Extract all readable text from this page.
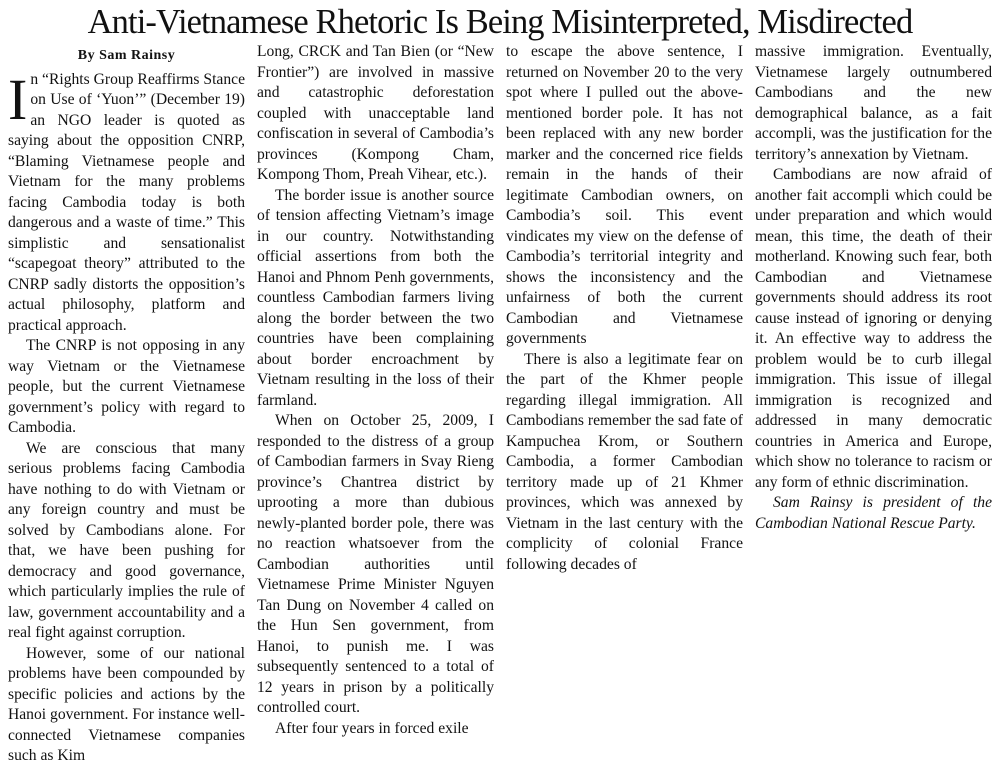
Anti-Vietnamese Rhetoric Is Being Misinterpreted, Misdirected
By Sam Rainsy

In “Rights Group Reaffirms Stance on Use of ‘Yuon’” (December 19) an NGO leader is quoted as saying about the opposition CNRP, “Blaming Vietnamese people and Vietnam for the many problems facing Cambodia today is both dangerous and a waste of time.” This simplistic and sensationalist “scapegoat theory” attributed to the CNRP sadly distorts the opposition’s actual philosophy, platform and practical approach.

The CNRP is not opposing in any way Vietnam or the Vietnamese people, but the current Vietnamese government’s policy with regard to Cambodia.

We are conscious that many serious problems facing Cambodia have nothing to do with Vietnam or any foreign country and must be solved by Cambodians alone. For that, we have been pushing for democracy and good governance, which particularly implies the rule of law, government accountability and a real fight against corruption.

However, some of our national problems have been compounded by specific policies and actions by the Hanoi government. For instance well-connected Vietnamese companies such as Kim

Long, CRCK and Tan Bien (or “New Frontier”) are involved in massive and catastrophic deforestation coupled with unacceptable land confiscation in several of Cambodia’s provinces (Kompong Cham, Kompong Thom, Preah Vihear, etc.).

The border issue is another source of tension affecting Vietnam’s image in our country. Notwithstanding official assertions from both the Hanoi and Phnom Penh governments, countless Cambodian farmers living along the border between the two countries have been complaining about border encroachment by Vietnam resulting in the loss of their farmland.

When on October 25, 2009, I responded to the distress of a group of Cambodian farmers in Svay Rieng province’s Chantrea district by uprooting a more than dubious newly-planted border pole, there was no reaction whatsoever from the Cambodian authorities until Vietnamese Prime Minister Nguyen Tan Dung on November 4 called on the Hun Sen government, from Hanoi, to punish me. I was subsequently sentenced to a total of 12 years in prison by a politically controlled court.

After four years in forced exile

to escape the above sentence, I returned on November 20 to the very spot where I pulled out the above-mentioned border pole. It has not been replaced with any new border marker and the concerned rice fields remain in the hands of their legitimate Cambodian owners, on Cambodia’s soil. This event vindicates my view on the defense of Cambodia’s territorial integrity and shows the inconsistency and the unfairness of both the current Cambodian and Vietnamese governments

There is also a legitimate fear on the part of the Khmer people regarding illegal immigration. All Cambodians remember the sad fate of Kampuchea Krom, or Southern Cambodia, a former Cambodian territory made up of 21 Khmer provinces, which was annexed by Vietnam in the last century with the complicity of colonial France following decades of

massive immigration. Eventually, Vietnamese largely outnumbered Cambodians and the new demographical balance, as a fait accompli, was the justification for the territory’s annexation by Vietnam.

Cambodians are now afraid of another fait accompli which could be under preparation and which would mean, this time, the death of their motherland. Knowing such fear, both Cambodian and Vietnamese governments should address its root cause instead of ignoring or denying it. An effective way to address the problem would be to curb illegal immigration. This issue of illegal immigration is recognized and addressed in many democratic countries in America and Europe, which show no tolerance to racism or any form of ethnic discrimination.

Sam Rainsy is president of the Cambodian National Rescue Party.
